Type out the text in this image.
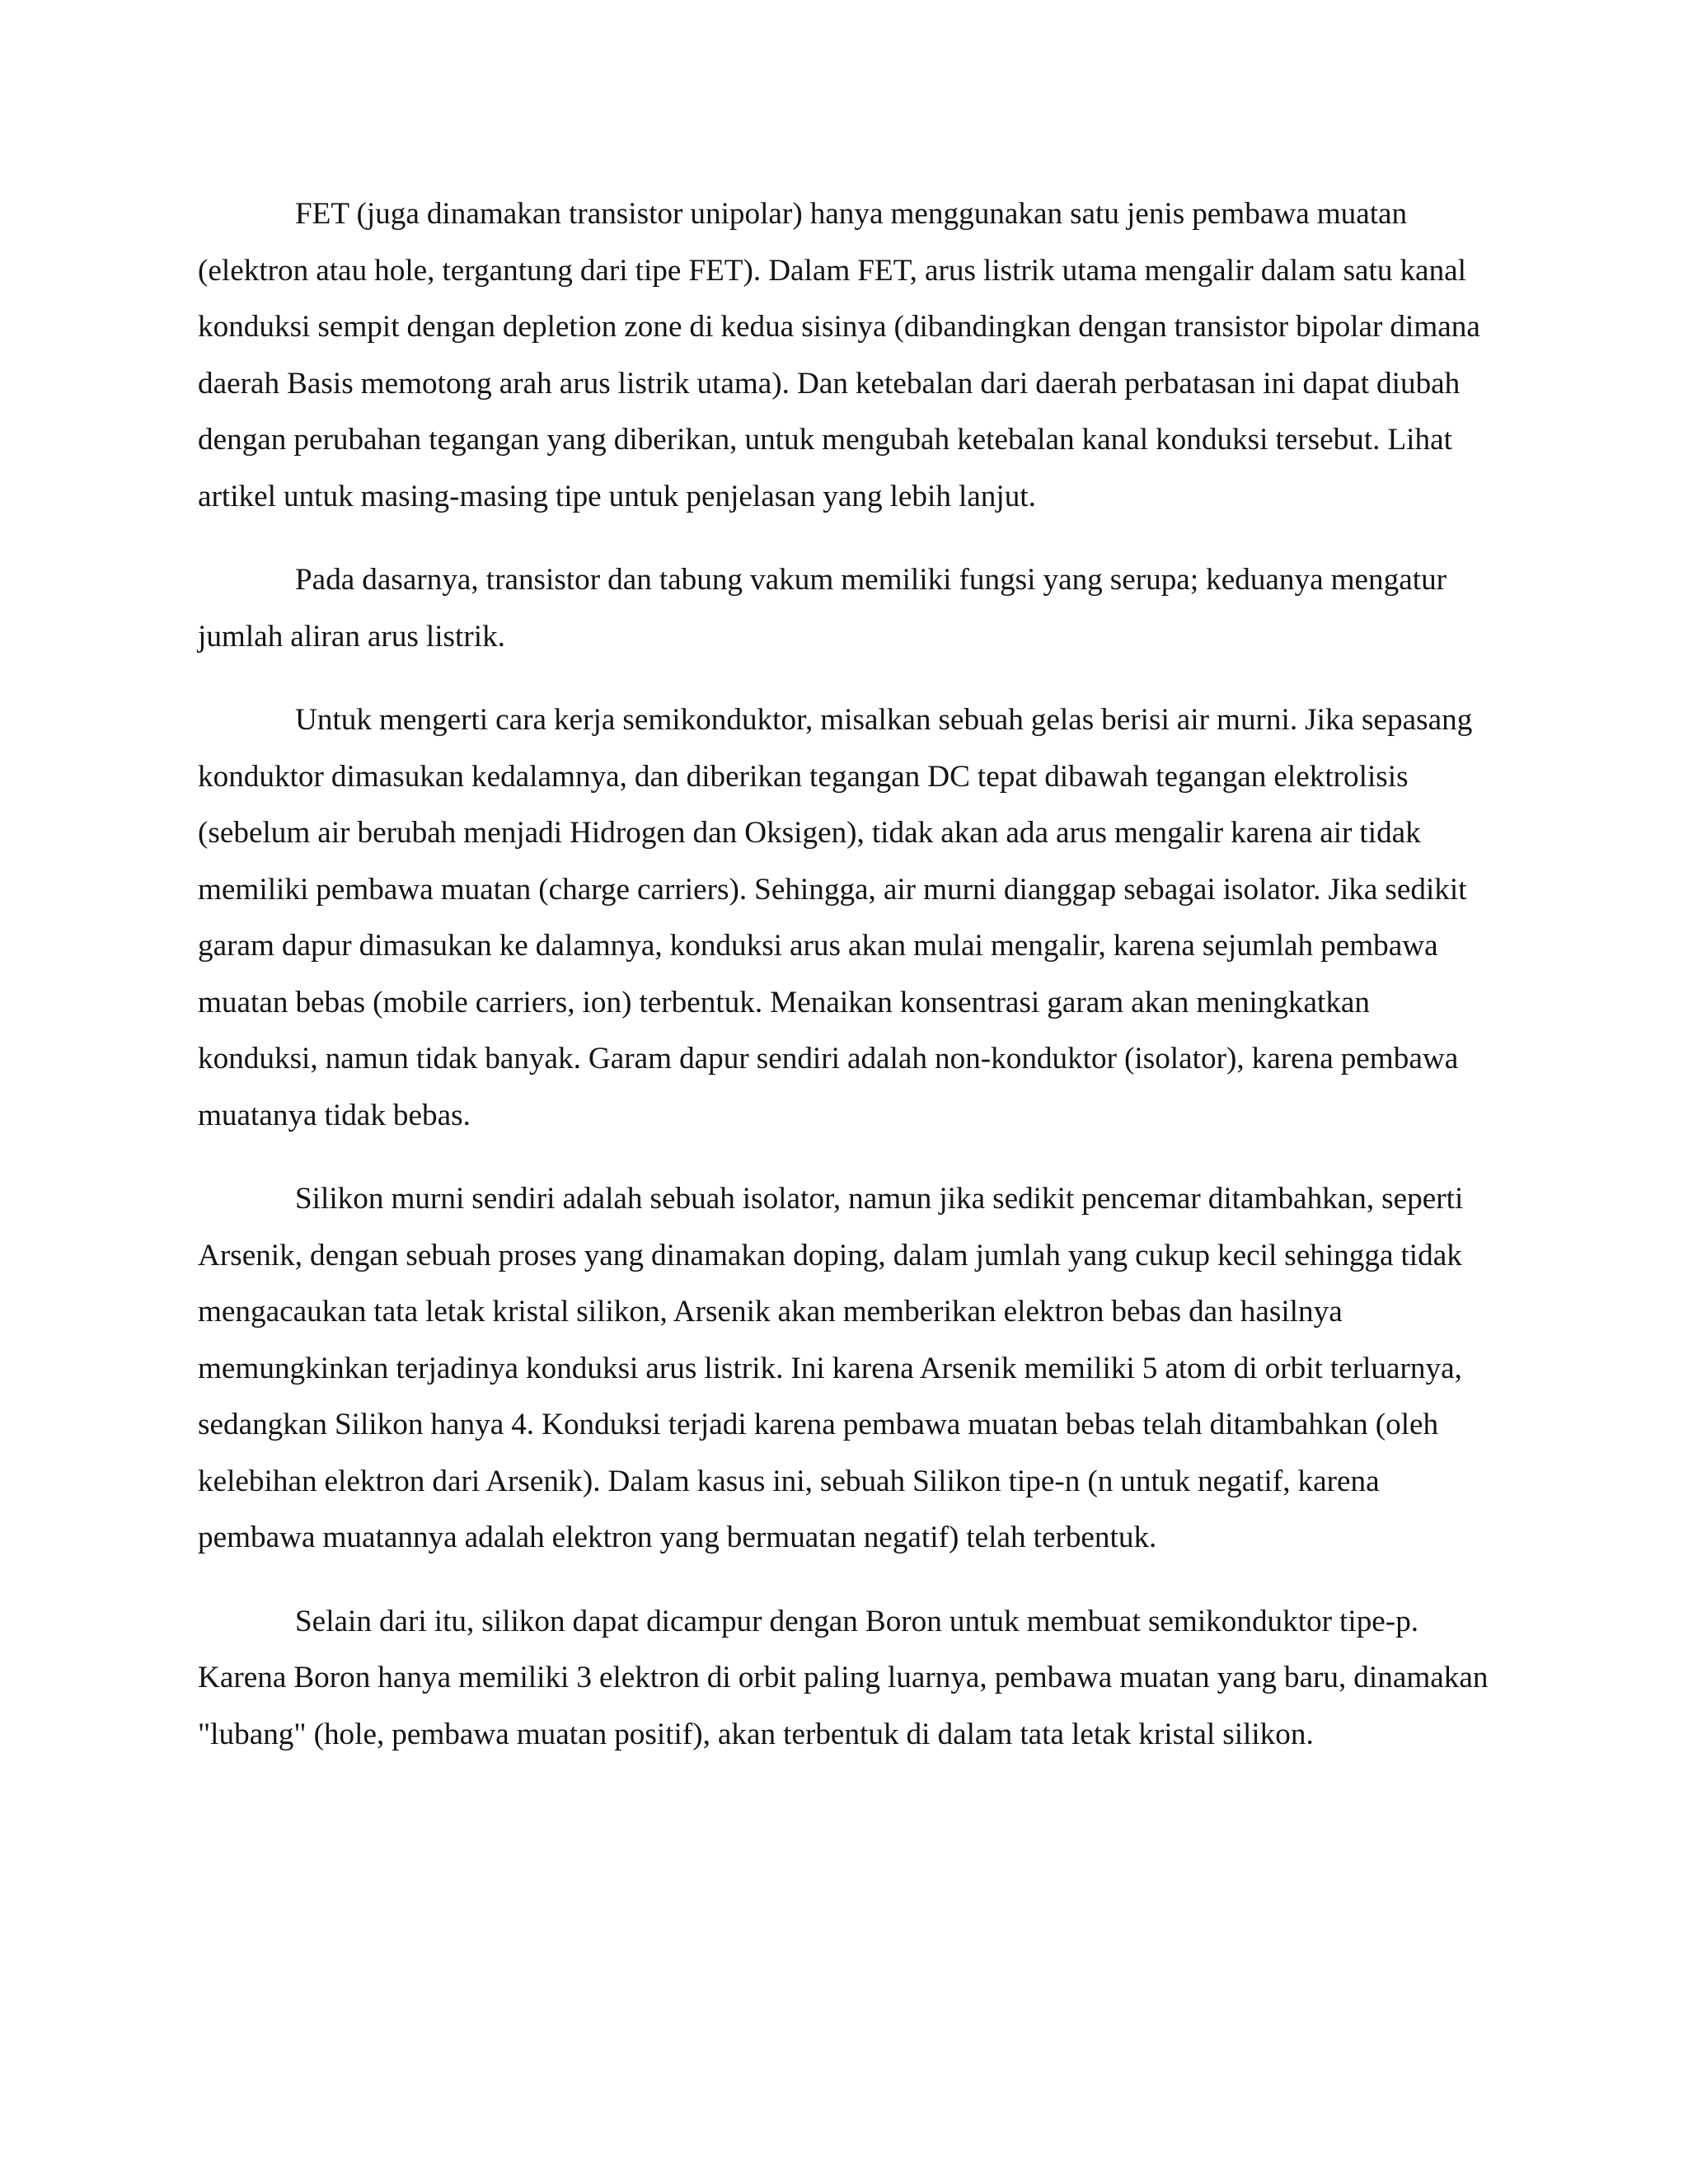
FET (juga dinamakan transistor unipolar) hanya menggunakan satu jenis pembawa muatan (elektron atau hole, tergantung dari tipe FET). Dalam FET, arus listrik utama mengalir dalam satu kanal konduksi sempit dengan depletion zone di kedua sisinya (dibandingkan dengan transistor bipolar dimana daerah Basis memotong arah arus listrik utama). Dan ketebalan dari daerah perbatasan ini dapat diubah dengan perubahan tegangan yang diberikan, untuk mengubah ketebalan kanal konduksi tersebut. Lihat artikel untuk masing-masing tipe untuk penjelasan yang lebih lanjut.

Pada dasarnya, transistor dan tabung vakum memiliki fungsi yang serupa; keduanya mengatur jumlah aliran arus listrik.

Untuk mengerti cara kerja semikonduktor, misalkan sebuah gelas berisi air murni. Jika sepasang konduktor dimasukan kedalamnya, dan diberikan tegangan DC tepat dibawah tegangan elektrolisis (sebelum air berubah menjadi Hidrogen dan Oksigen), tidak akan ada arus mengalir karena air tidak memiliki pembawa muatan (charge carriers). Sehingga, air murni dianggap sebagai isolator. Jika sedikit garam dapur dimasukan ke dalamnya, konduksi arus akan mulai mengalir, karena sejumlah pembawa muatan bebas (mobile carriers, ion) terbentuk. Menaikan konsentrasi garam akan meningkatkan konduksi, namun tidak banyak. Garam dapur sendiri adalah non-konduktor (isolator), karena pembawa muatanya tidak bebas.

Silikon murni sendiri adalah sebuah isolator, namun jika sedikit pencemar ditambahkan, seperti Arsenik, dengan sebuah proses yang dinamakan doping, dalam jumlah yang cukup kecil sehingga tidak mengacaukan tata letak kristal silikon, Arsenik akan memberikan elektron bebas dan hasilnya memungkinkan terjadinya konduksi arus listrik. Ini karena Arsenik memiliki 5 atom di orbit terluarnya, sedangkan Silikon hanya 4. Konduksi terjadi karena pembawa muatan bebas telah ditambahkan (oleh kelebihan elektron dari Arsenik). Dalam kasus ini, sebuah Silikon tipe-n (n untuk negatif, karena pembawa muatannya adalah elektron yang bermuatan negatif) telah terbentuk.

Selain dari itu, silikon dapat dicampur dengan Boron untuk membuat semikonduktor tipe-p. Karena Boron hanya memiliki 3 elektron di orbit paling luarnya, pembawa muatan yang baru, dinamakan "lubang" (hole, pembawa muatan positif), akan terbentuk di dalam tata letak kristal silikon.
